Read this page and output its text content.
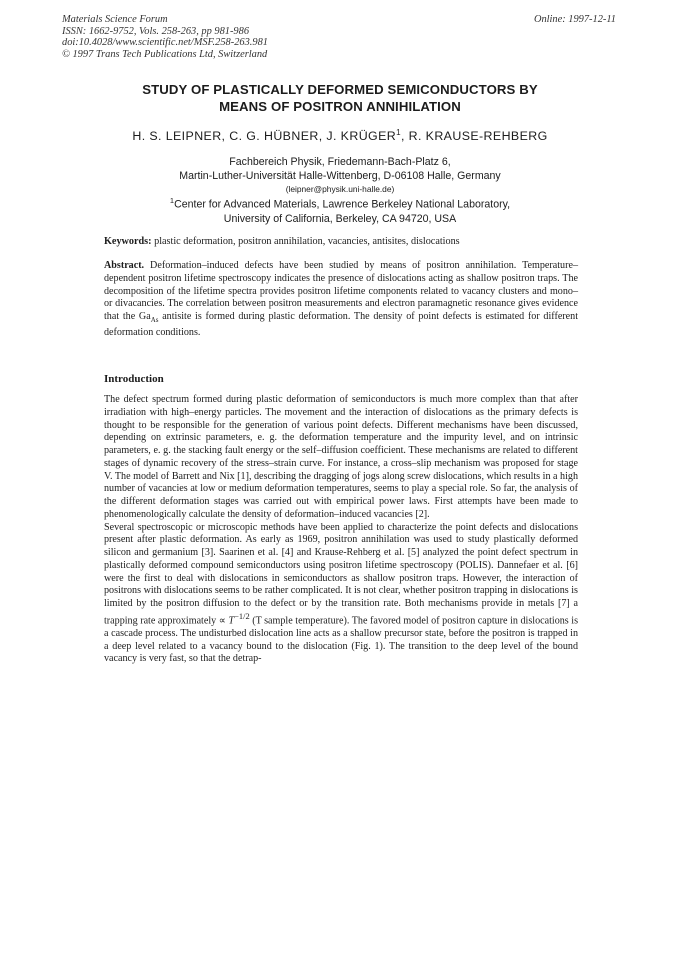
Materials Science Forum
ISSN: 1662-9752, Vols. 258-263, pp 981-986
doi:10.4028/www.scientific.net/MSF.258-263.981
© 1997 Trans Tech Publications Ltd, Switzerland
Online: 1997-12-11
STUDY OF PLASTICALLY DEFORMED SEMICONDUCTORS BY
MEANS OF POSITRON ANNIHILATION
H. S. LEIPNER, C. G. HÜBNER, J. KRÜGER$^1$, R. KRAUSE-REHBERG
Fachbereich Physik, Friedemann-Bach-Platz 6,
Martin-Luther-Universität Halle-Wittenberg, D-06108 Halle, Germany
(leipner@physik.uni-halle.de)
$^1$Center for Advanced Materials, Lawrence Berkeley National Laboratory,
University of California, Berkeley, CA 94720, USA
Keywords: plastic deformation, positron annihilation, vacancies, antisites, dislocations
Abstract. Deformation–induced defects have been studied by means of positron annihilation. Temperature–dependent positron lifetime spectroscopy indicates the presence of dislocations acting as shallow positron traps. The decomposition of the lifetime spectra provides positron lifetime components related to vacancy clusters and mono– or divacancies. The correlation between positron measurements and electron paramagnetic resonance gives evidence that the $Ga_{As}$ antisite is formed during plastic deformation. The density of point defects is estimated for different deformation conditions.
Introduction

The defect spectrum formed during plastic deformation of semiconductors is much more complex than that after irradiation with high–energy particles. The movement and the interaction of dislocations as the primary defects is thought to be responsible for the generation of various point defects. Different mechanisms have been discussed, depending on extrinsic parameters, e. g. the deformation temperature and the impurity level, and on intrinsic parameters, e. g. the stacking fault energy or the self–diffusion coefficient. These mechanisms are related to different stages of dynamic recovery of the stress–strain curve. For instance, a cross–slip mechanism was proposed for stage V. The model of Barrett and Nix [1], describing the dragging of jogs along screw dislocations, which results in a high number of vacancies at low or medium deformation temperatures, seems to play a special role. So far, the analysis of the different deformation stages was carried out with empirical power laws. First attempts have been made to phenomenologically calculate the density of deformation–induced vacancies [2].

Several spectroscopic or microscopic methods have been applied to characterize the point defects and dislocations present after plastic deformation. As early as 1969, positron annihilation was used to study plastically deformed silicon and germanium [3]. Saarinen et al. [4] and Krause-Rehberg et al. [5] analyzed the point defect spectrum in plastically deformed compound semiconductors using positron lifetime spectroscopy (POLIS). Dannefaer et al. [6] were the first to deal with dislocations in semiconductors as shallow positron traps. However, the interaction of positrons with dislocations seems to be rather complicated. It is not clear, whether positron trapping in dislocations is limited by the positron diffusion to the defect or by the transition rate. Both mechanisms provide in metals [7] a trapping rate approximately ∝ $T^{-1/2}$ (T sample temperature). The favored model of positron capture in dislocations is a cascade process. The undisturbed dislocation line acts as a shallow precursor state, before the positron is trapped in a deep level related to a vacancy bound to the dislocation (Fig. 1). The transition to the deep level of the bound vacancy is very fast, so that the detrap-
